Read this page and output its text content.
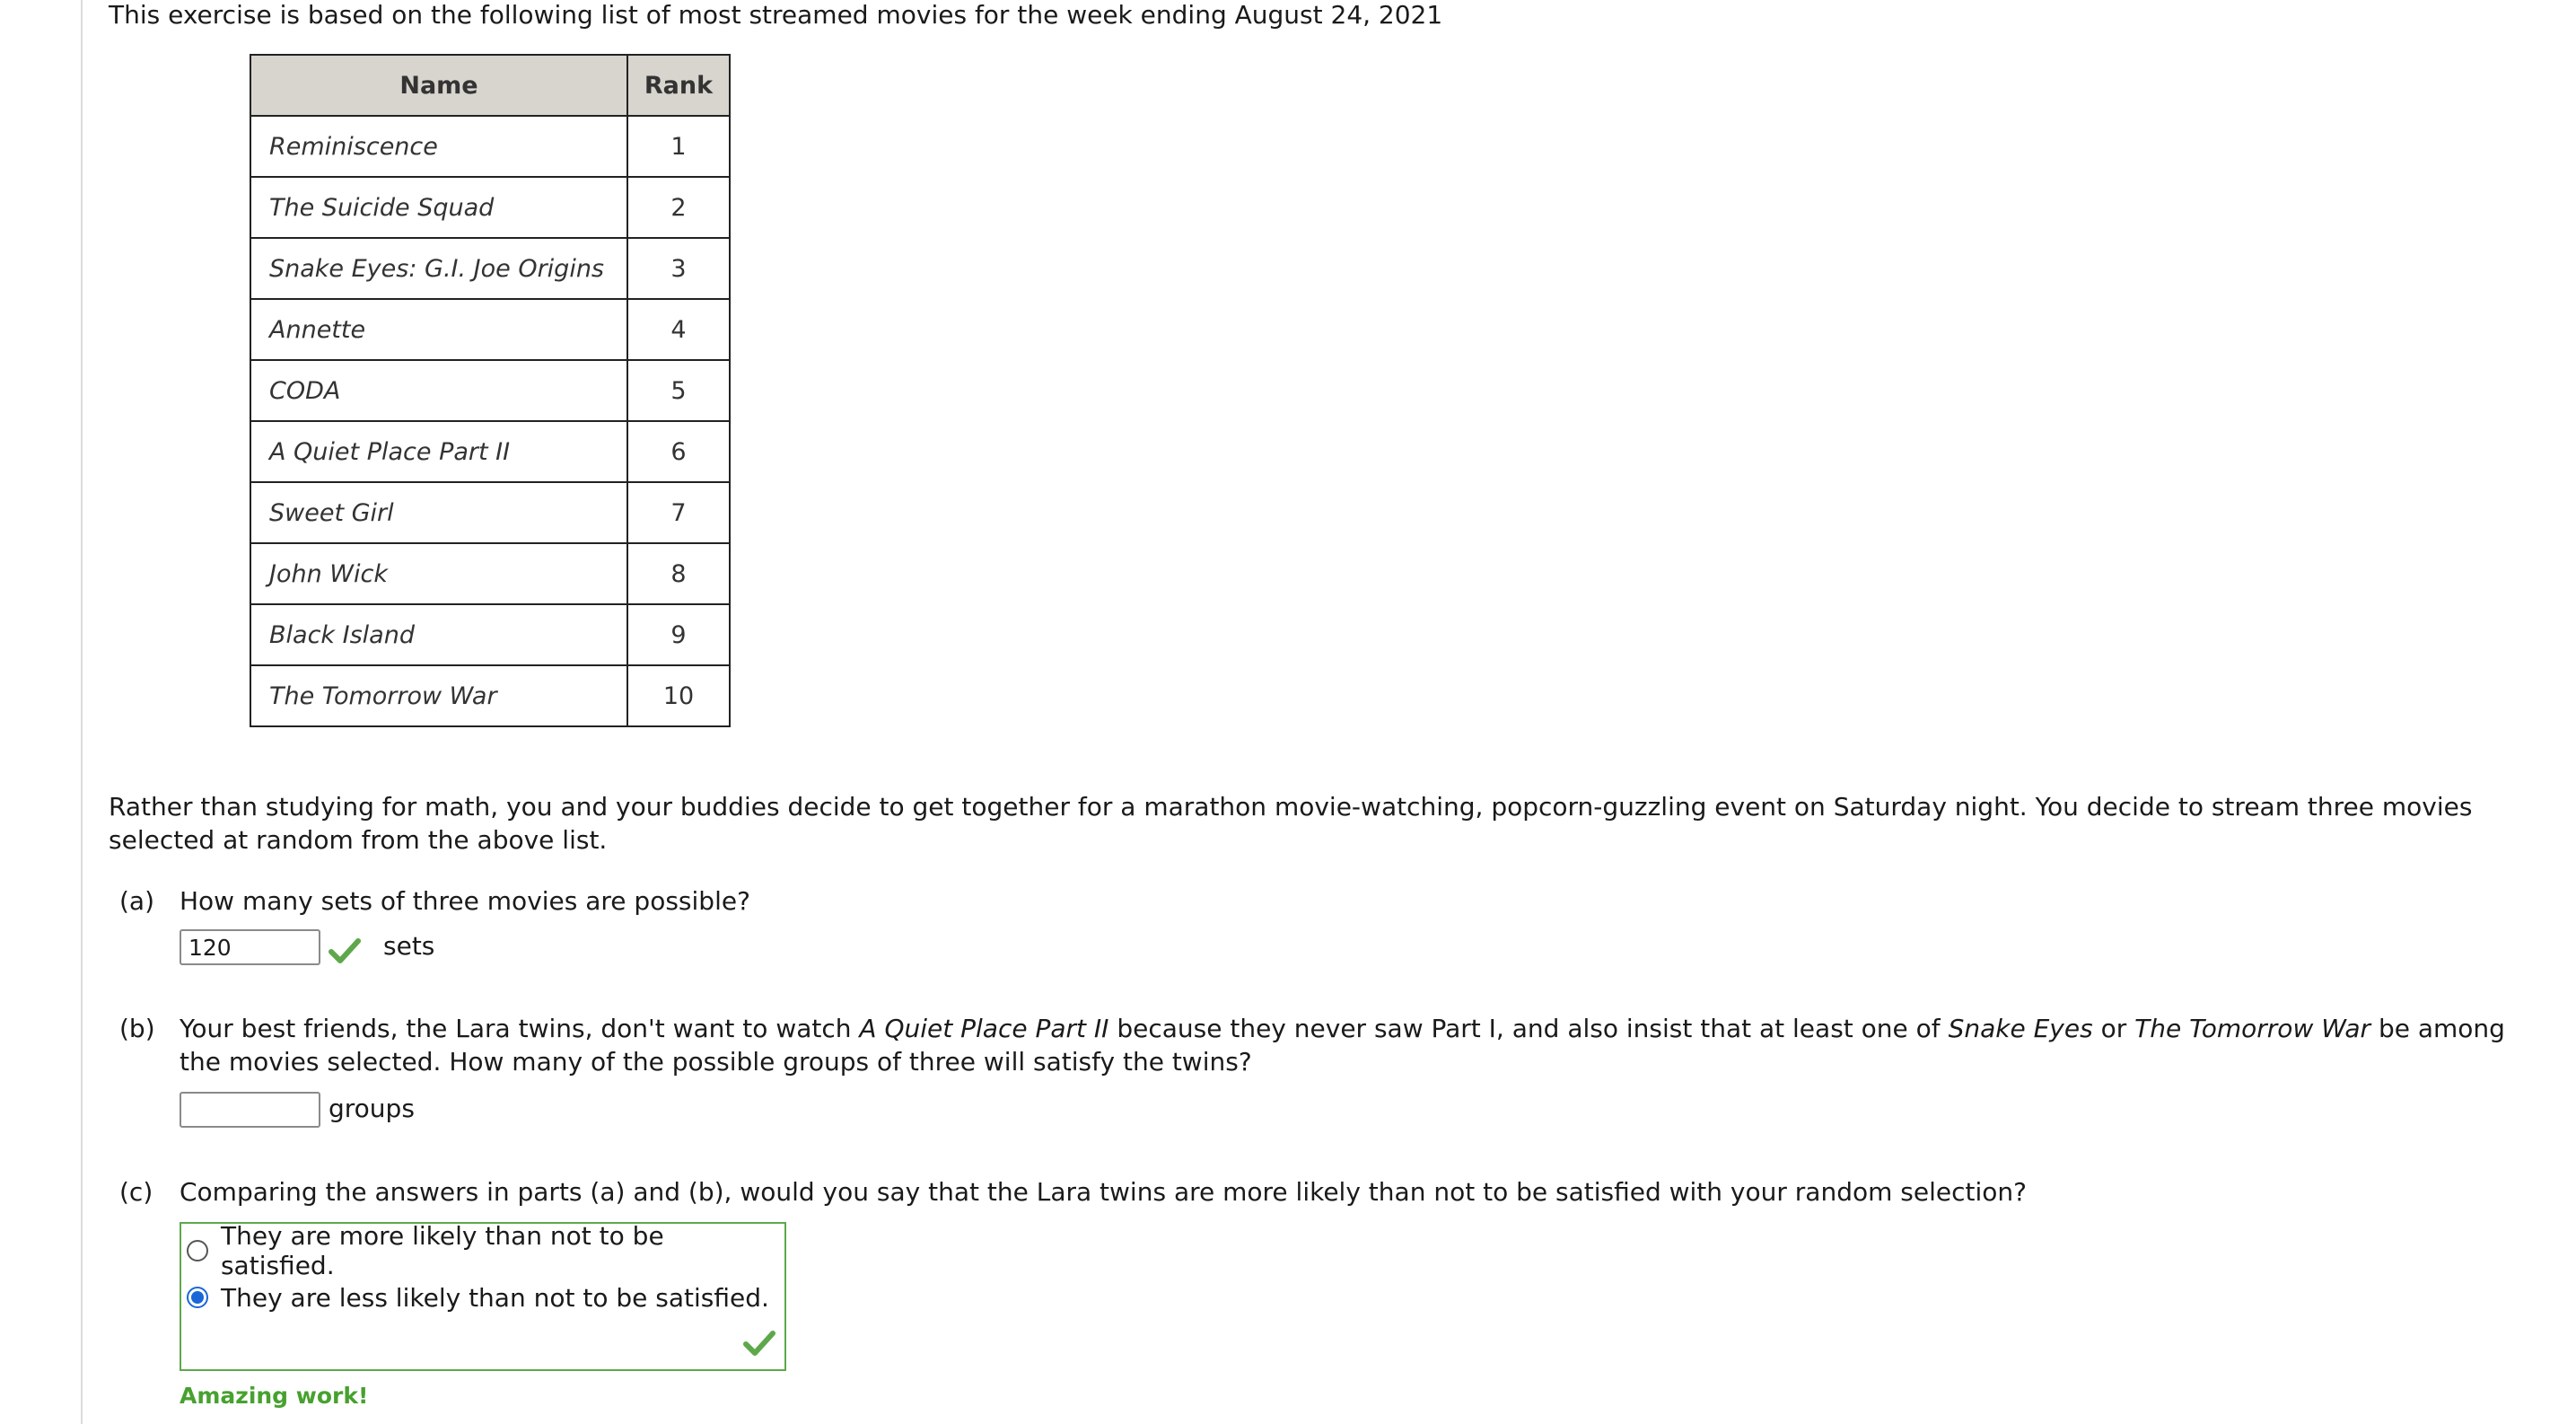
This exercise is based on the following list of most streamed movies for the week ending August 24, 2021
Name	Rank
Reminiscence	1
The Suicide Squad	2
Snake Eyes: G.I. Joe Origins	3
Annette	4
CODA	5
A Quiet Place Part II	6
Sweet Girl	7
John Wick	8
Black Island	9
The Tomorrow War	10
Rather than studying for math, you and your buddies decide to get together for a marathon movie-watching, popcorn-guzzling event on Saturday night. You decide to stream three movies selected at random from the above list.
(a) How many sets of three movies are possible?
120
sets
(b) Your best friends, the Lara twins, don't want to watch A Quiet Place Part II because they never saw Part I, and also insist that at least one of Snake Eyes or The Tomorrow War be among the movies selected. How many of the possible groups of three will satisfy the twins?
groups
(c) Comparing the answers in parts (a) and (b), would you say that the Lara twins are more likely than not to be satisfied with your random selection?
They are more likely than not to be satisfied.
They are less likely than not to be satisfied.
Amazing work!
